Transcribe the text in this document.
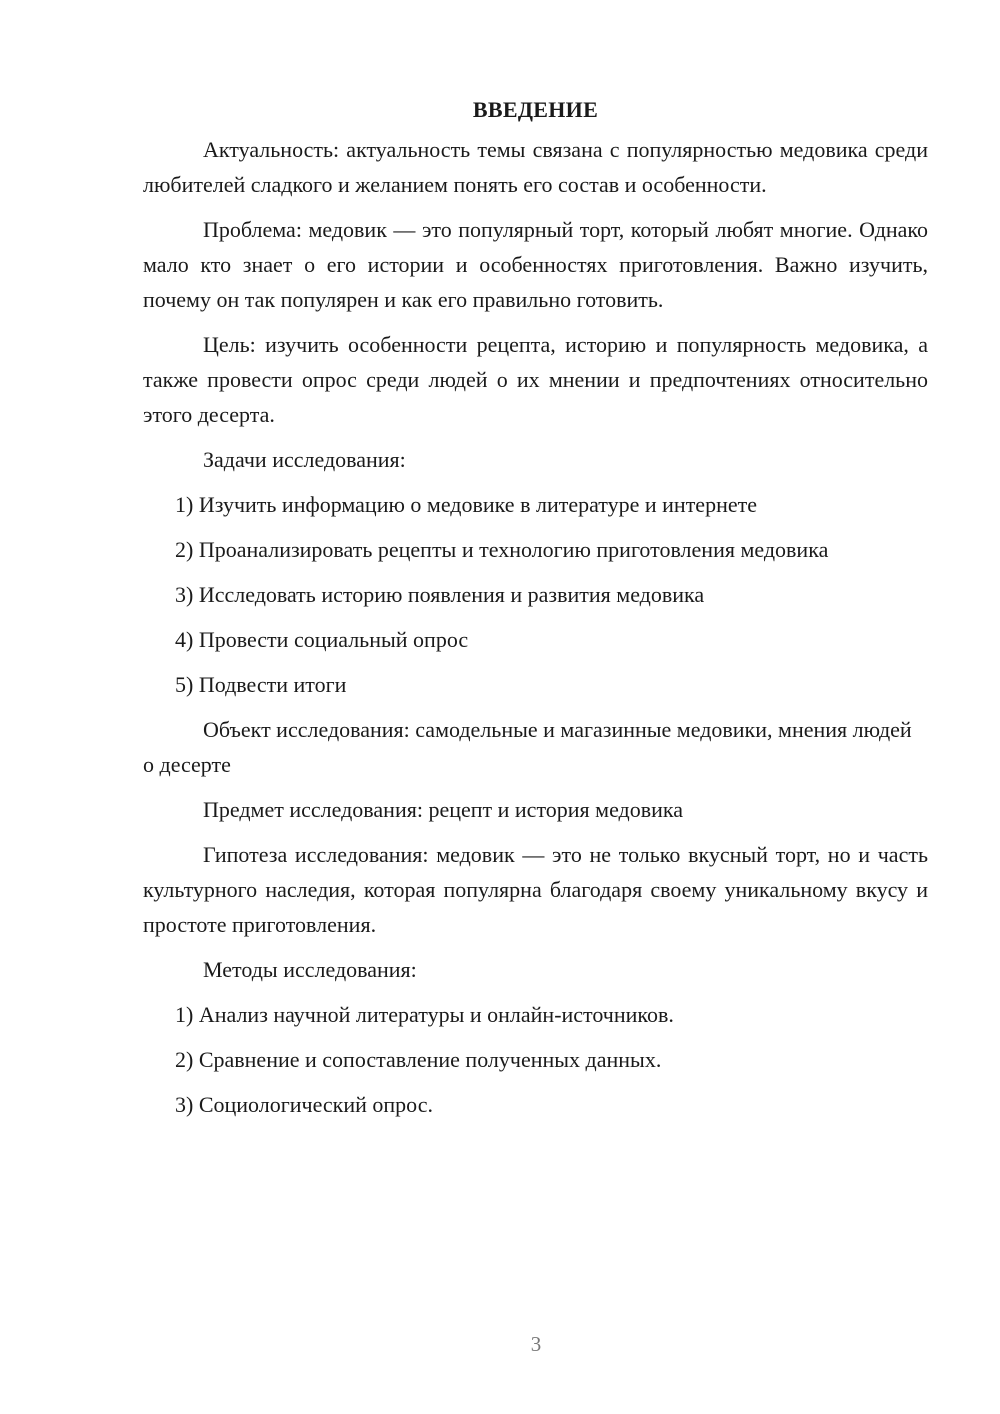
ВВЕДЕНИЕ

Актуальность: актуальность темы связана с популярностью медовика среди любителей сладкого и желанием понять его состав и особенности.

Проблема: медовик — это популярный торт, который любят многие. Однако мало кто знает о его истории и особенностях приготовления. Важно изучить, почему он так популярен и как его правильно готовить.

Цель: изучить особенности рецепта, историю и популярность медовика, а также провести опрос среди людей о их мнении и предпочтениях относительно этого десерта.

Задачи исследования:

1) Изучить информацию о медовике в литературе и интернете
2) Проанализировать рецепты и технологию приготовления медовика
3) Исследовать историю появления и развития медовика
4) Провести социальный опрос
5) Подвести итоги

Объект исследования: самодельные и магазинные медовики, мнения людей о десерте

Предмет исследования: рецепт и история медовика

Гипотеза исследования: медовик — это не только вкусный торт, но и часть культурного наследия, которая популярна благодаря своему уникальному вкусу и простоте приготовления.

Методы исследования:

1) Анализ научной литературы и онлайн-источников.
2) Сравнение и сопоставление полученных данных.
3) Социологический опрос.
3
